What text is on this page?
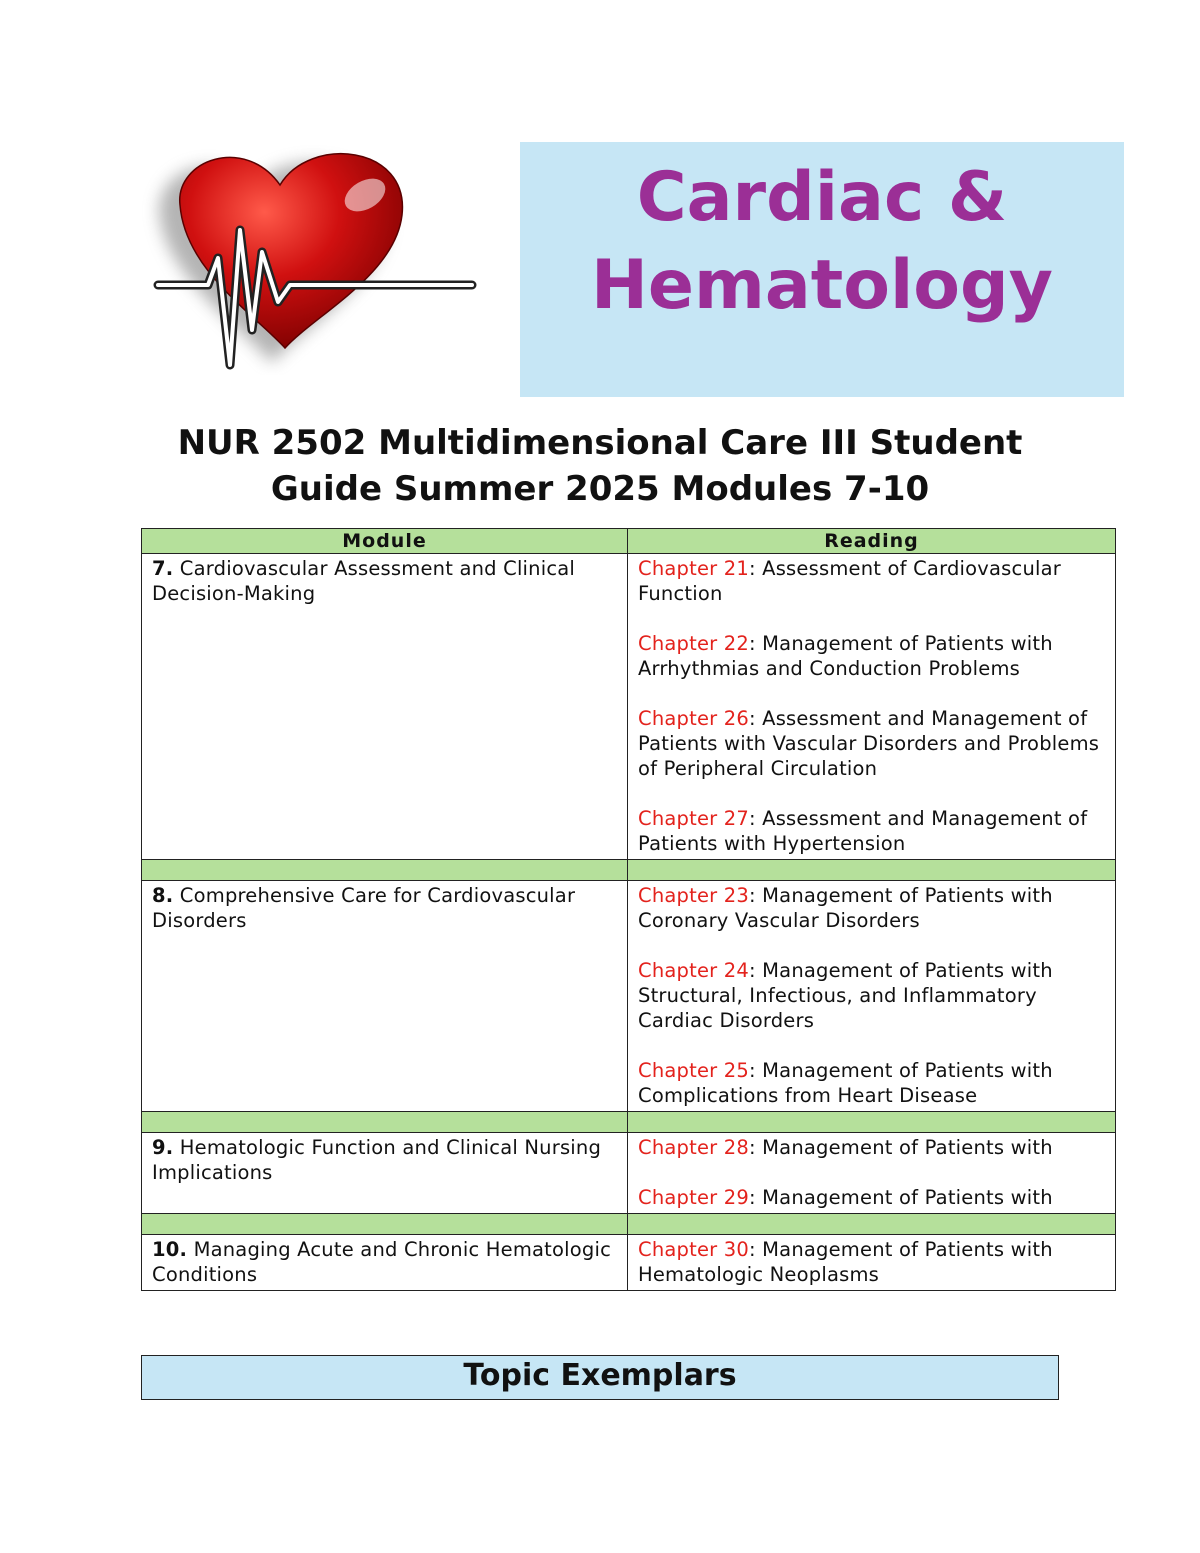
Cardiac &
Hematology
NUR 2502 Multidimensional Care III Student
Guide Summer 2025 Modules 7-10
Module	Reading
7. Cardiovascular Assessment and Clinical Decision-Making	Chapter 21: Assessment of Cardiovascular Function
Chapter 22: Management of Patients with Arrhythmias and Conduction Problems
Chapter 26: Assessment and Management of Patients with Vascular Disorders and Problems of Peripheral Circulation
Chapter 27: Assessment and Management of Patients with Hypertension

8. Comprehensive Care for Cardiovascular Disorders	Chapter 23: Management of Patients with Coronary Vascular Disorders
Chapter 24: Management of Patients with Structural, Infectious, and Inflammatory Cardiac Disorders
Chapter 25: Management of Patients with Complications from Heart Disease

9. Hematologic Function and Clinical Nursing Implications	Chapter 28: Management of Patients with
Chapter 29: Management of Patients with

10. Managing Acute and Chronic Hematologic Conditions	Chapter 30: Management of Patients with Hematologic Neoplasms
Topic Exemplars
